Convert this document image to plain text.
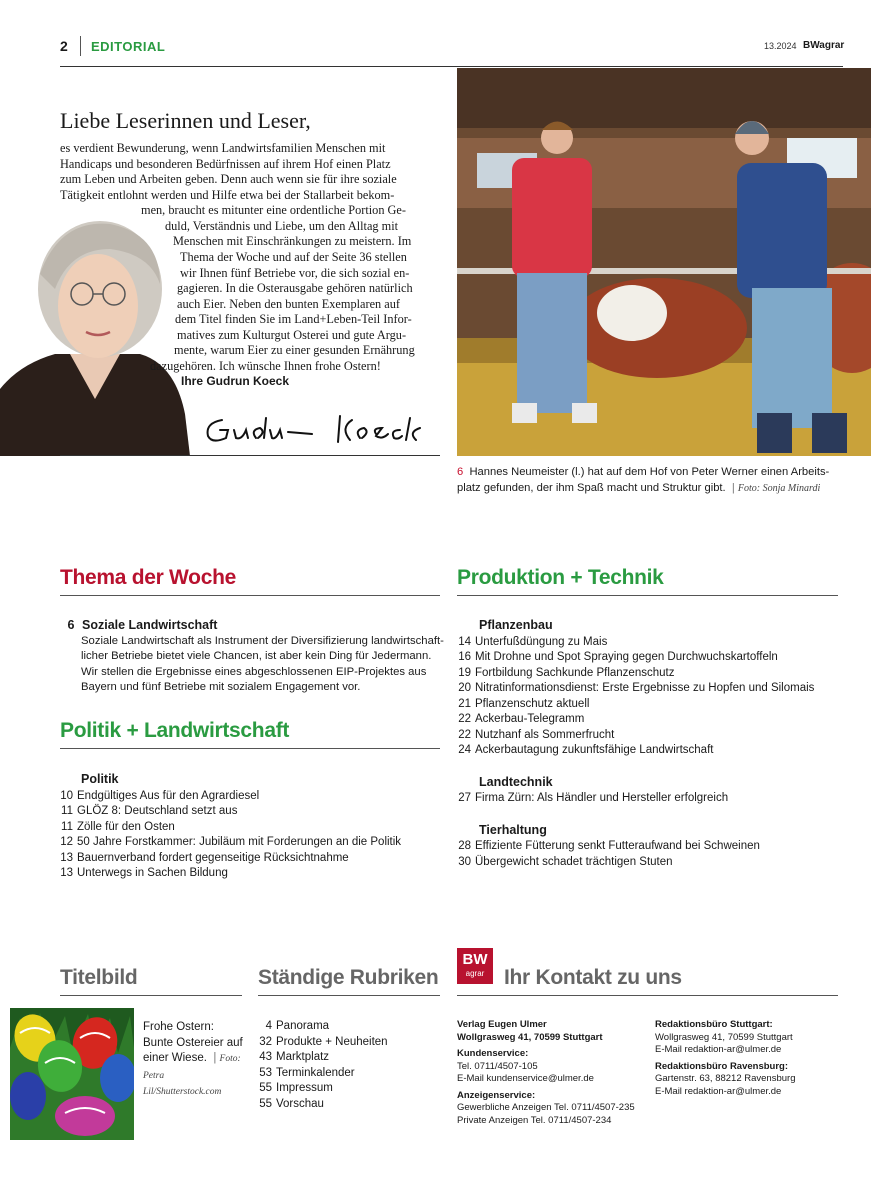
2 EDITORIAL	13.2024 BWagrar
Liebe Leserinnen und Leser,
es verdient Bewunderung, wenn Landwirtsfamilien Menschen mit
Handicaps und besonderen Bedürfnissen auf ihrem Hof einen Platz
zum Leben und Arbeiten geben. Denn auch wenn sie für ihre soziale
Tätigkeit entlohnt werden und Hilfe etwa bei der Stallarbeit bekom-
men, braucht es mitunter eine ordentliche Portion Ge-
duld, Verständnis und Liebe, um den Alltag mit
Menschen mit Einschränkungen zu meistern. Im
Thema der Woche und auf der Seite 36 stellen
wir Ihnen fünf Betriebe vor, die sich sozial en-
gagieren. In die Osterausgabe gehören natürlich
auch Eier. Neben den bunten Exemplaren auf
dem Titel finden Sie im Land+Leben-Teil Infor-
matives zum Kulturgut Osterei und gute Argu-
mente, warum Eier zu einer gesunden Ernährung
dazugehören. Ich wünsche Ihnen frohe Ostern!
Ihre Gudrun Koeck
6 Hannes Neumeister (l.) hat auf dem Hof von Peter Werner einen Arbeits-platz gefunden, der ihm Spaß macht und Struktur gibt.  | Foto: Sonja Minardi
Thema der Woche
6 Soziale Landwirtschaft
Soziale Landwirtschaft als Instrument der Diversifizierung landwirtschaft-licher Betriebe bietet viele Chancen, ist aber kein Ding für Jedermann. Wir stellen die Ergebnisse eines abgeschlossenen EIP-Projektes aus Bayern und fünf Betriebe mit sozialem Engagement vor.
Politik + Landwirtschaft
Politik
10 Endgültiges Aus für den Agrardiesel
11 GLÖZ 8: Deutschland setzt aus
11 Zölle für den Osten
12 50 Jahre Forstkammer: Jubiläum mit Forderungen an die Politik
13 Bauernverband fordert gegenseitige Rücksichtnahme
13 Unterwegs in Sachen Bildung
Produktion + Technik
Pflanzenbau
14 Unterfußdüngung zu Mais
16 Mit Drohne und Spot Spraying gegen Durchwuchskartoffeln
19 Fortbildung Sachkunde Pflanzenschutz
20 Nitratinformationsdienst: Erste Ergebnisse zu Hopfen und Silomais
21 Pflanzenschutz aktuell
22 Ackerbau-Telegramm
22 Nutzhanf als Sommerfrucht
24 Ackerbautagung zukunftsfähige Landwirtschaft
Landtechnik
27 Firma Zürn: Als Händler und Hersteller erfolgreich
Tierhaltung
28 Effiziente Fütterung senkt Futteraufwand bei Schweinen
30 Übergewicht schadet trächtigen Stuten
Titelbild
Frohe Ostern: Bunte Ostereier auf einer Wiese.  | Foto: Petra Lil/Shutterstock.com
Ständige Rubriken
4 Panorama
32 Produkte + Neuheiten
43 Marktplatz
53 Terminkalender
55 Impressum
55 Vorschau
BW
agrar Ihr Kontakt zu uns
Verlag Eugen Ulmer
Wollgrasweg 41, 70599 Stuttgart
Kundenservice:
Tel. 0711/4507-105
E-Mail kundenservice@ulmer.de
Anzeigenservice:
Gewerbliche Anzeigen Tel. 0711/4507-235
Private Anzeigen Tel. 0711/4507-234
Redaktionsbüro Stuttgart:
Wollgrasweg 41, 70599 Stuttgart
E-Mail redaktion-ar@ulmer.de
Redaktionsbüro Ravensburg:
Gartenstr. 63, 88212 Ravensburg
E-Mail redaktion-ar@ulmer.de
